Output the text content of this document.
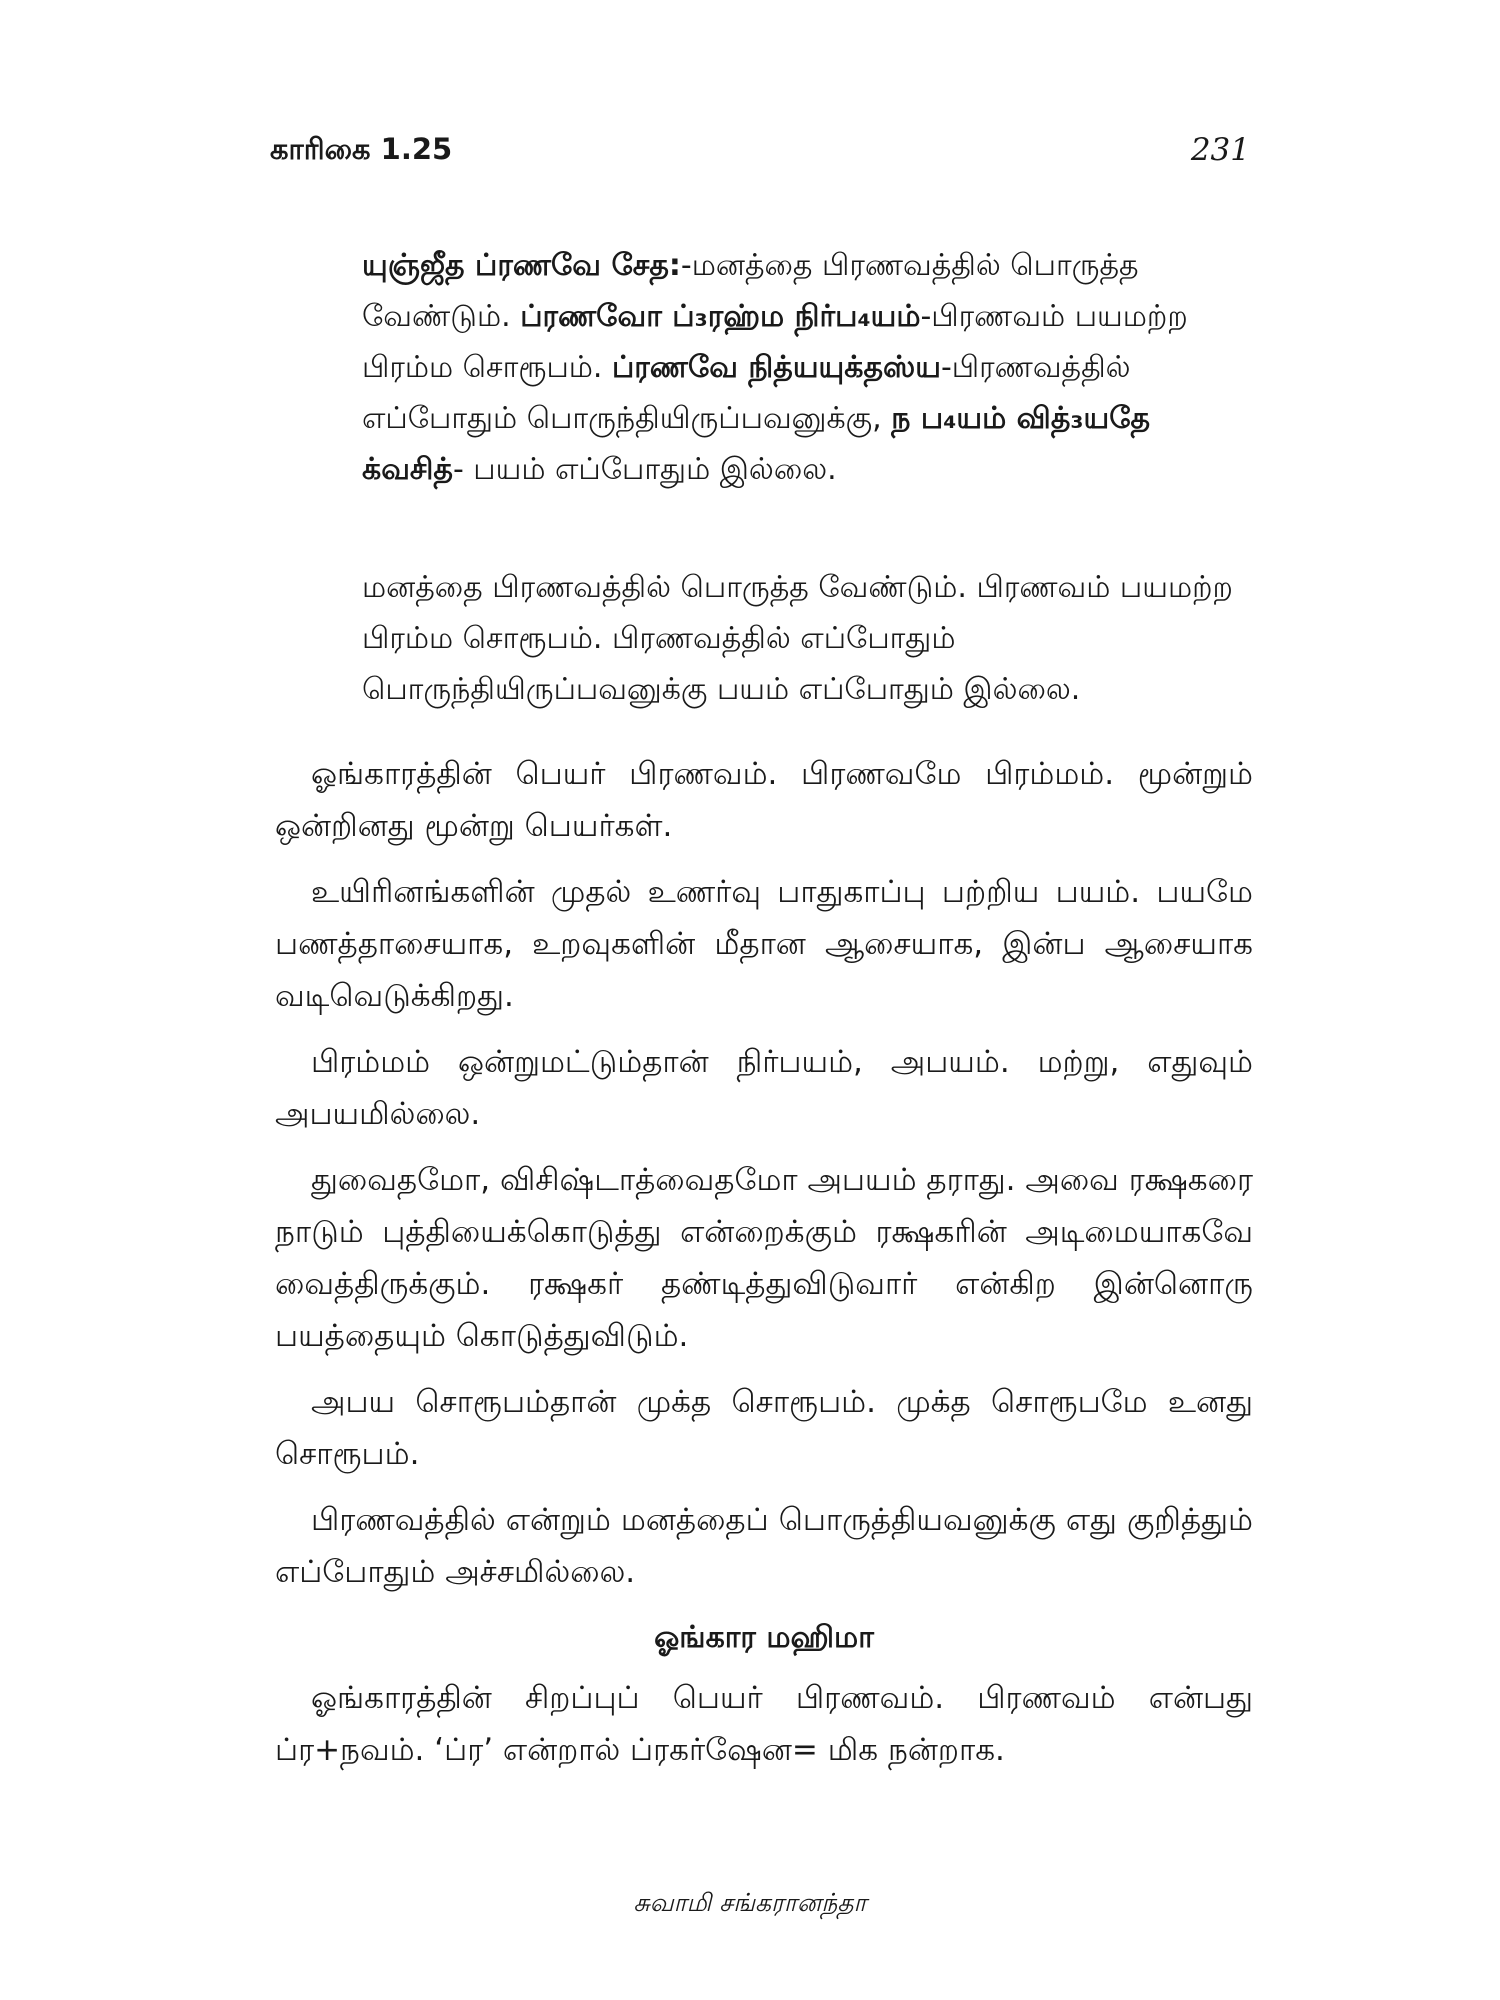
காரிகை 1.25	231
யுஞ்ஜீத ப்ரணவே சேத:-மனத்தை பிரணவத்தில் பொருத்த வேண்டும். ப்ரணவோ ப்₃ரஹ்ம நிர்ப₄யம்-பிரணவம் பயமற்ற பிரம்ம சொரூபம். ப்ரணவே நித்யயுக்தஸ்ய-பிரணவத்தில் எப்போதும் பொருந்தியிருப்பவனுக்கு, ந ப₄யம் வித்₃யதே க்வசித்- பயம் எப்போதும் இல்லை.
மனத்தை பிரணவத்தில் பொருத்த வேண்டும். பிரணவம் பயமற்ற பிரம்ம சொரூபம். பிரணவத்தில் எப்போதும் பொருந்தியிருப்பவனுக்கு பயம் எப்போதும் இல்லை.

ஓங்காரத்தின் பெயர் பிரணவம். பிரணவமே பிரம்மம். மூன்றும் ஒன்றினது மூன்று பெயர்கள்.

உயிரினங்களின் முதல் உணர்வு பாதுகாப்பு பற்றிய பயம். பயமே பணத்தாசையாக, உறவுகளின் மீதான ஆசையாக, இன்ப ஆசையாக வடிவெடுக்கிறது.

பிரம்மம் ஒன்றுமட்டும்தான் நிர்பயம், அபயம். மற்று, எதுவும் அபயமில்லை.

துவைதமோ, விசிஷ்டாத்வைதமோ அபயம் தராது. அவை ரக்ஷகரை நாடும் புத்தியைக்கொடுத்து என்றைக்கும் ரக்ஷகரின் அடிமையாகவே வைத்திருக்கும். ரக்ஷகர் தண்டித்துவிடுவார் என்கிற இன்னொரு பயத்தையும் கொடுத்துவிடும்.

அபய சொரூபம்தான் முக்த சொரூபம். முக்த சொரூபமே உனது சொரூபம்.

பிரணவத்தில் என்றும் மனத்தைப் பொருத்தியவனுக்கு எது குறித்தும் எப்போதும் அச்சமில்லை.

ஓங்கார மஹிமா

ஓங்காரத்தின் சிறப்புப் பெயர் பிரணவம். பிரணவம் என்பது ப்ர+நவம். ‘ப்ர’ என்றால் ப்ரகர்ஷேன= மிக நன்றாக.

சுவாமி சங்கரானந்தா
